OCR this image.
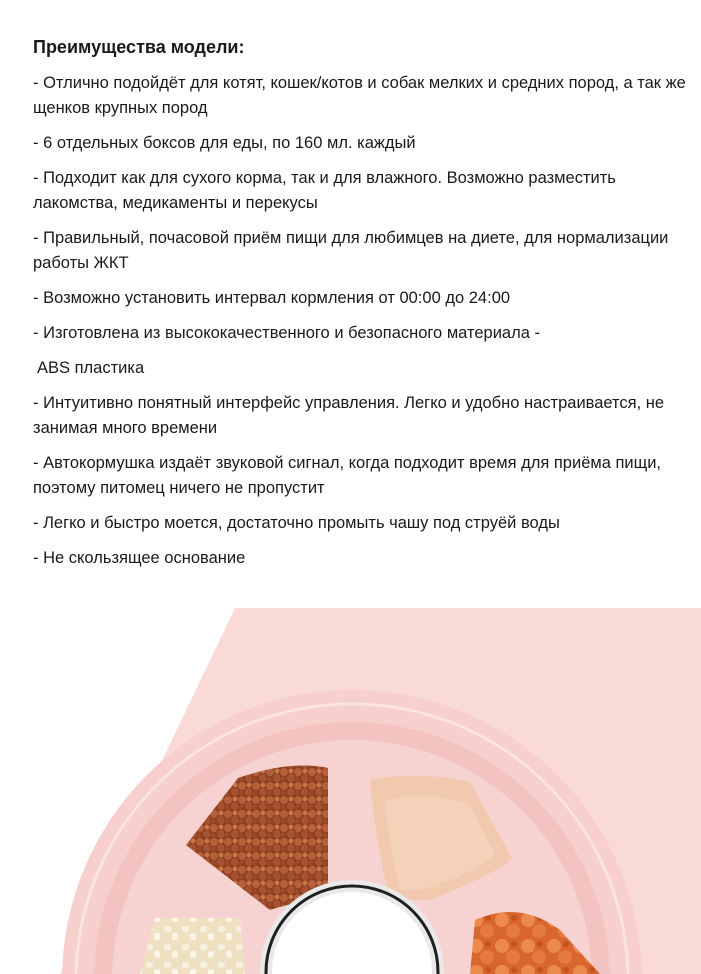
Преимущества модели:
- Отлично подойдёт для котят, кошек/котов и собак мелких и средних пород, а так же щенков крупных пород
- 6 отдельных боксов для еды, по 160 мл. каждый
- Подходит как для сухого корма, так и для влажного. Возможно разместить лакомства, медикаменты и перекусы
- Правильный, почасовой приём пищи для любимцев на диете, для нормализации работы ЖКТ
- Возможно установить интервал кормления от 00:00 до 24:00
- Изготовлена из высококачественного и безопасного материала -
ABS пластика
- Интуитивно понятный интерфейс управления. Легко и удобно настраивается, не занимая много времени
- Автокормушка издаёт звуковой сигнал, когда подходит время для приёма пищи, поэтому питомец ничего не пропустит
- Легко и быстро моется, достаточно промыть чашу под струёй воды
- Не скользящее основание
